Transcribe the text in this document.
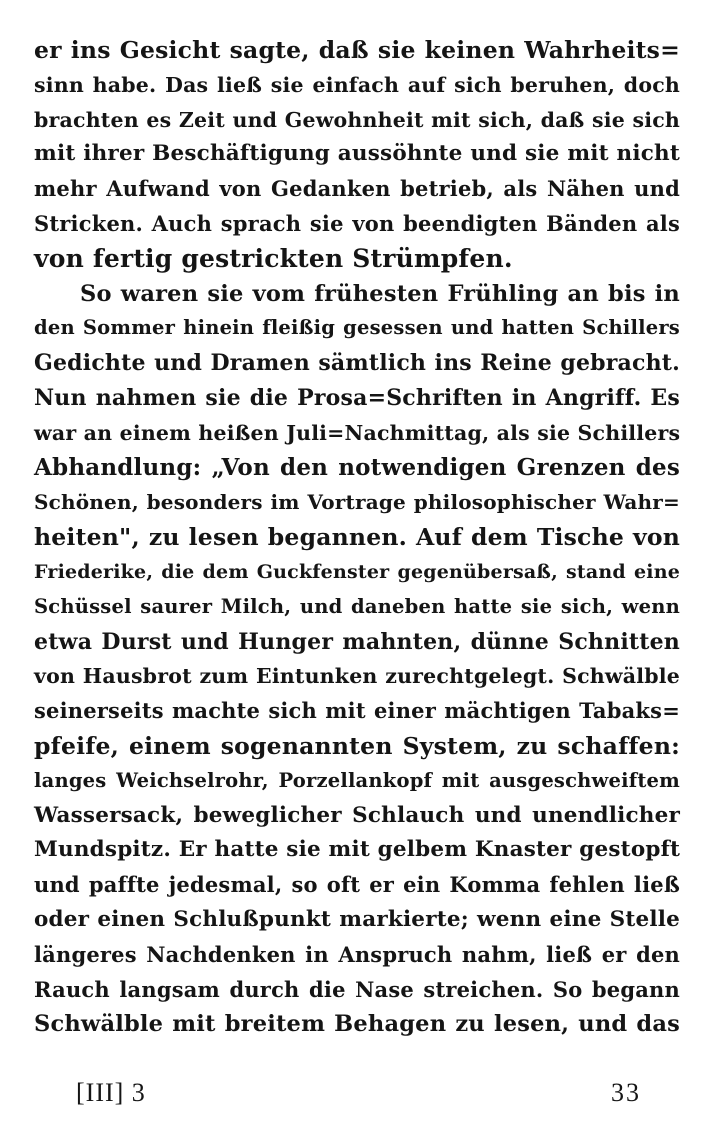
er ins Gesicht sagte, daß sie keinen Wahrheits=
sinn habe. Das ließ sie einfach auf sich beruhen, doch
brachten es Zeit und Gewohnheit mit sich, daß sie sich
mit ihrer Beschäftigung aussöhnte und sie mit nicht
mehr Aufwand von Gedanken betrieb, als Nähen und
Stricken. Auch sprach sie von beendigten Bänden als
von fertig gestrickten Strümpfen.
So waren sie vom frühesten Frühling an bis in
den Sommer hinein fleißig gesessen und hatten Schillers
Gedichte und Dramen sämtlich ins Reine gebracht.
Nun nahmen sie die Prosa=Schriften in Angriff. Es
war an einem heißen Juli=Nachmittag, als sie Schillers
Abhandlung: „Von den notwendigen Grenzen des
Schönen, besonders im Vortrage philosophischer Wahr=
heiten", zu lesen begannen. Auf dem Tische von
Friederike, die dem Guckfenster gegenübersaß, stand eine
Schüssel saurer Milch, und daneben hatte sie sich, wenn
etwa Durst und Hunger mahnten, dünne Schnitten
von Hausbrot zum Eintunken zurechtgelegt. Schwälble
seinerseits machte sich mit einer mächtigen Tabaks=
pfeife, einem sogenannten System, zu schaffen:
langes Weichselrohr, Porzellankopf mit ausgeschweiftem
Wassersack, beweglicher Schlauch und unendlicher
Mundspitz. Er hatte sie mit gelbem Knaster gestopft
und paffte jedesmal, so oft er ein Komma fehlen ließ
oder einen Schlußpunkt markierte; wenn eine Stelle
längeres Nachdenken in Anspruch nahm, ließ er den
Rauch langsam durch die Nase streichen. So begann
Schwälble mit breitem Behagen zu lesen, und das
[III] 3	33
